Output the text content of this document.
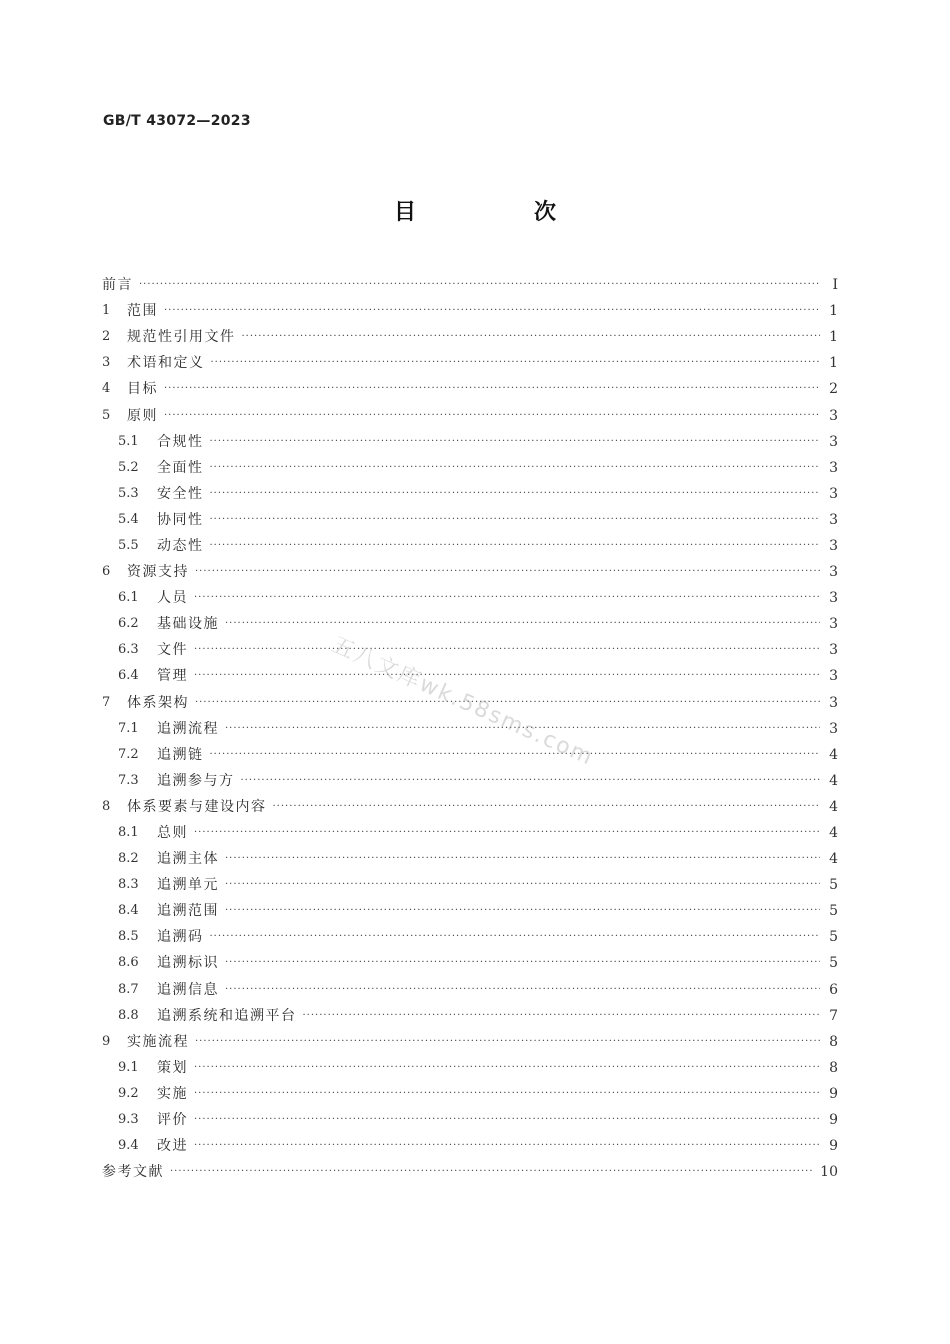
GB/T 43072—2023
目　次
前言 ·····	Ⅰ
1	范围 ·····	1
2	规范性引用文件 ·····	1
3	术语和定义 ·····	1
4	目标 ·····	2
5	原则 ·····	3
5.1	合规性 ·····	3
5.2	全面性 ·····	3
5.3	安全性 ·····	3
5.4	协同性 ·····	3
5.5	动态性 ·····	3
6	资源支持 ·····	3
6.1	人员 ·····	3
6.2	基础设施 ·····	3
6.3	文件 ·····	3
6.4	管理 ·····	3
7	体系架构 ·····	3
7.1	追溯流程 ·····	3
7.2	追溯链 ·····	4
7.3	追溯参与方 ·····	4
8	体系要素与建设内容 ·····	4
8.1	总则 ·····	4
8.2	追溯主体 ·····	4
8.3	追溯单元 ·····	5
8.4	追溯范围 ·····	5
8.5	追溯码 ·····	5
8.6	追溯标识 ·····	5
8.7	追溯信息 ·····	6
8.8	追溯系统和追溯平台 ·····	7
9	实施流程 ·····	8
9.1	策划 ·····	8
9.2	实施 ·····	9
9.3	评价 ·····	9
9.4	改进 ·····	9
参考文献 ·····	10
五八文库wk.58sms.com
